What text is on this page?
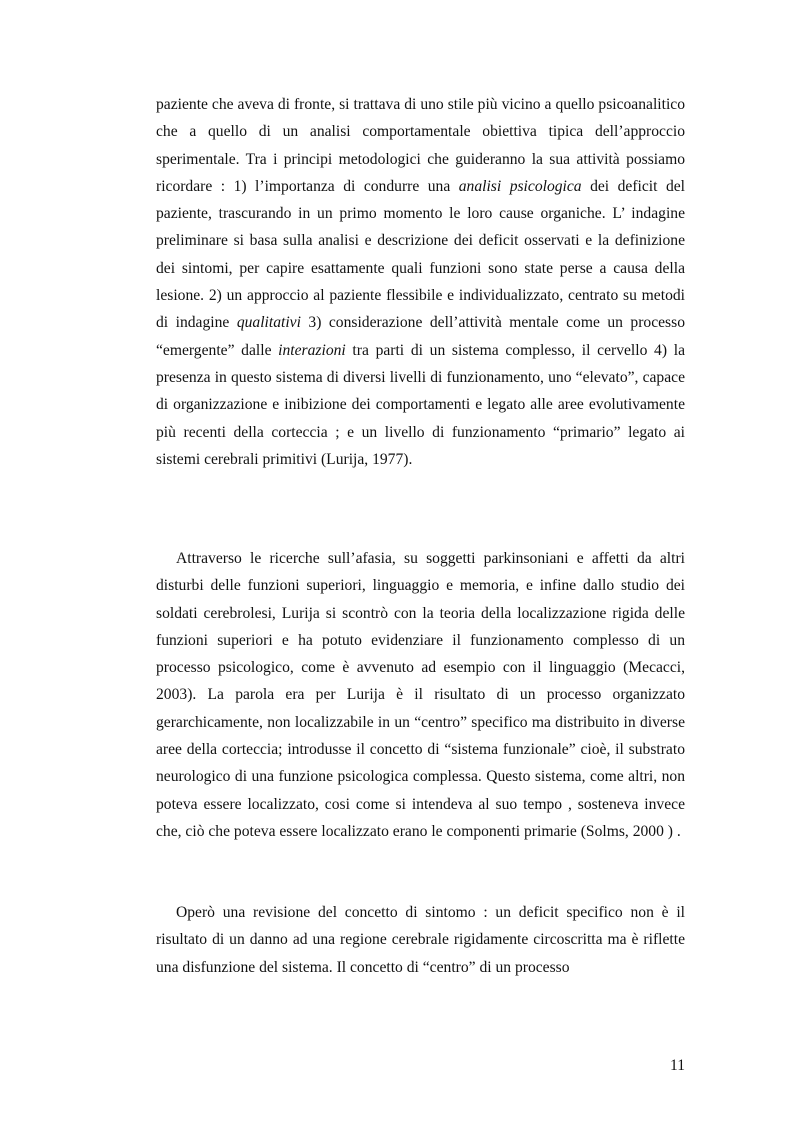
paziente che aveva di fronte, si trattava di uno stile più vicino a quello psicoanalitico che a quello di un analisi comportamentale obiettiva tipica dell’approccio sperimentale. Tra i principi metodologici che guideranno la sua attività possiamo ricordare : 1) l’importanza di condurre una analisi psicologica dei deficit del paziente, trascurando in un primo momento le loro cause organiche. L’ indagine preliminare si basa sulla analisi e descrizione dei deficit osservati e la definizione dei sintomi, per capire esattamente quali funzioni sono state perse a causa della lesione. 2) un approccio al paziente flessibile e individualizzato, centrato su metodi di indagine qualitativi 3) considerazione dell’attività mentale come un processo “emergente” dalle interazioni tra parti di un sistema complesso, il cervello 4) la presenza in questo sistema di diversi livelli di funzionamento, uno “elevato”, capace di organizzazione e inibizione dei comportamenti e legato alle aree evolutivamente più recenti della corteccia ; e un livello di funzionamento “primario” legato ai sistemi cerebrali primitivi (Lurija, 1977).

Attraverso le ricerche sull’afasia, su soggetti parkinsoniani e affetti da altri disturbi delle funzioni superiori, linguaggio e memoria, e infine dallo studio dei soldati cerebrolesi, Lurija si scontrò con la teoria della localizzazione rigida delle funzioni superiori e ha potuto evidenziare il funzionamento complesso di un processo psicologico, come è avvenuto ad esempio con il linguaggio (Mecacci, 2003). La parola era per Lurija è il risultato di un processo organizzato gerarchicamente, non localizzabile in un “centro” specifico ma distribuito in diverse aree della corteccia; introdusse il concetto di “sistema funzionale” cioè, il substrato neurologico di una funzione psicologica complessa. Questo sistema, come altri, non poteva essere localizzato, cosi come si intendeva al suo tempo , sosteneva invece che, ciò che poteva essere localizzato erano le componenti primarie (Solms, 2000 ) .

Operò una revisione del concetto di sintomo : un deficit specifico non è il risultato di un danno ad una regione cerebrale rigidamente circoscritta ma è riflette una disfunzione del sistema. Il concetto di “centro” di un processo

11
